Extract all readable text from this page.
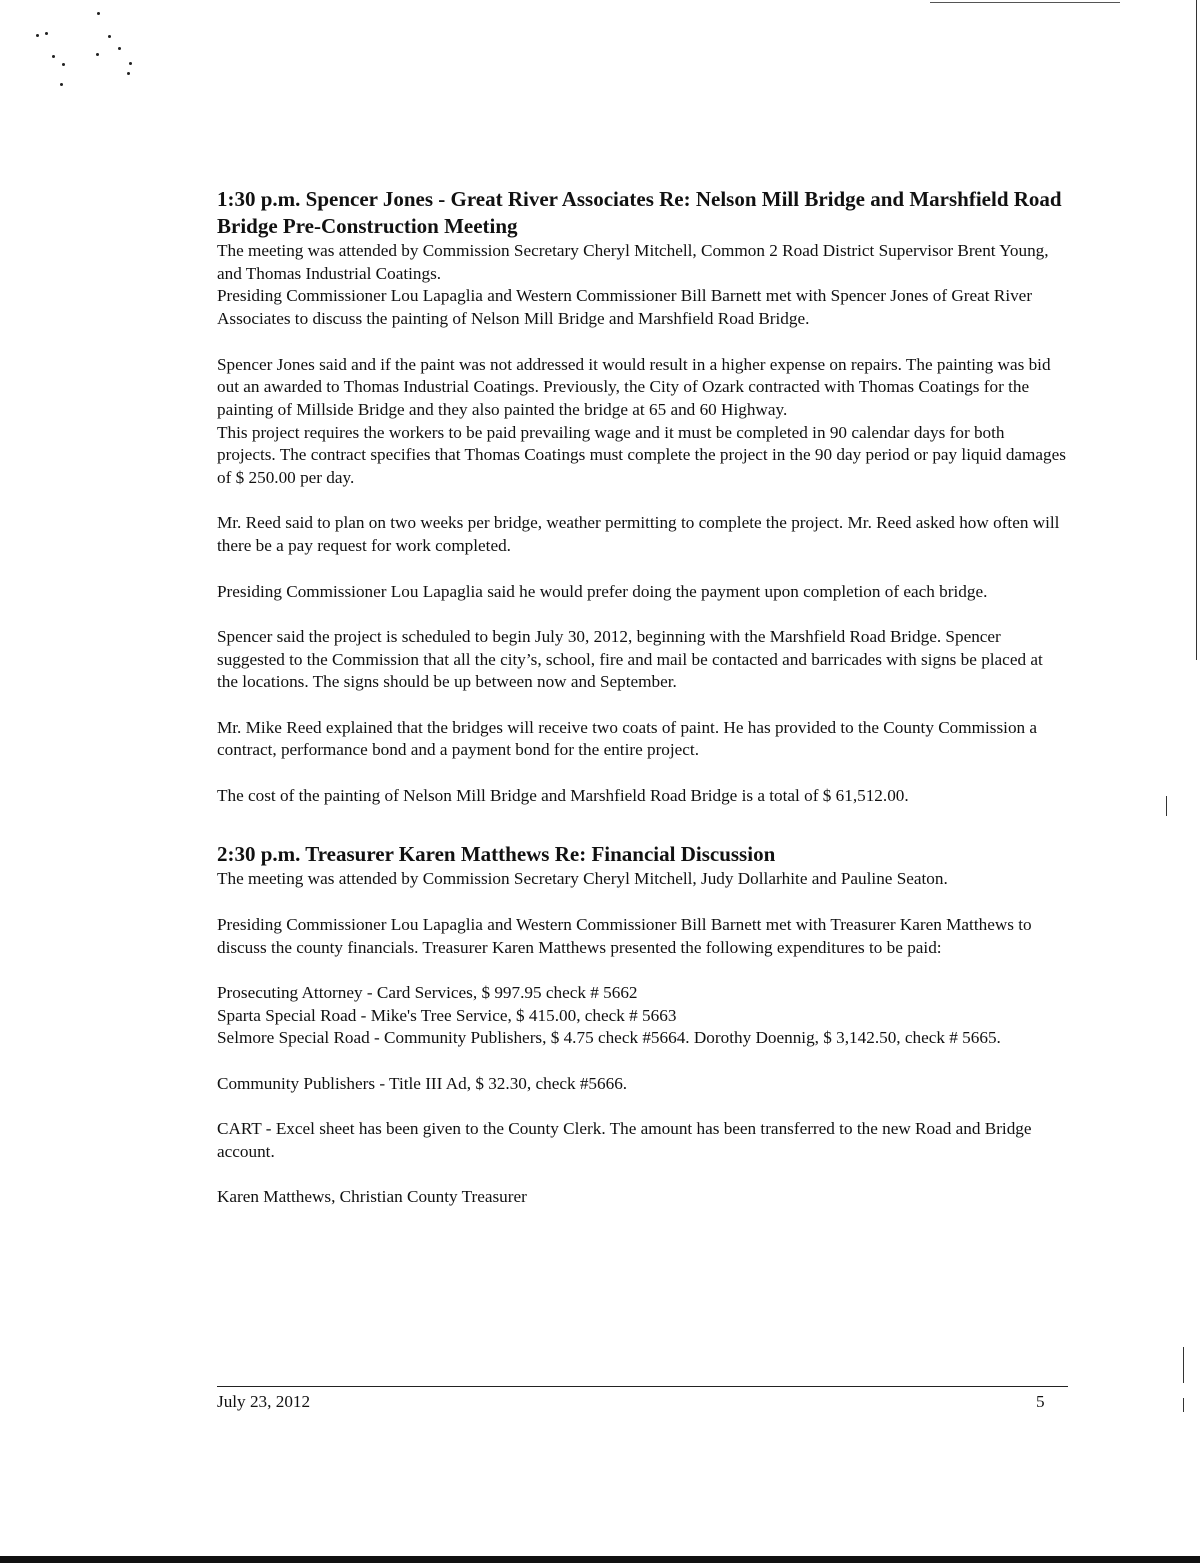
1:30 p.m. Spencer Jones - Great River Associates Re: Nelson Mill Bridge and Marshfield Road Bridge Pre-Construction Meeting

The meeting was attended by Commission Secretary Cheryl Mitchell, Common 2 Road District Supervisor Brent Young, and Thomas Industrial Coatings.

Presiding Commissioner Lou Lapaglia and Western Commissioner Bill Barnett met with Spencer Jones of Great River Associates to discuss the painting of Nelson Mill Bridge and Marshfield Road Bridge.

Spencer Jones said and if the paint was not addressed it would result in a higher expense on repairs. The painting was bid out an awarded to Thomas Industrial Coatings. Previously, the City of Ozark contracted with Thomas Coatings for the painting of Millside Bridge and they also painted the bridge at 65 and 60 Highway.

This project requires the workers to be paid prevailing wage and it must be completed in 90 calendar days for both projects. The contract specifies that Thomas Coatings must complete the project in the 90 day period or pay liquid damages of $ 250.00 per day.

Mr. Reed said to plan on two weeks per bridge, weather permitting to complete the project. Mr. Reed asked how often will there be a pay request for work completed.

Presiding Commissioner Lou Lapaglia said he would prefer doing the payment upon completion of each bridge.

Spencer said the project is scheduled to begin July 30, 2012, beginning with the Marshfield Road Bridge. Spencer suggested to the Commission that all the city’s, school, fire and mail be contacted and barricades with signs be placed at the locations. The signs should be up between now and September.

Mr. Mike Reed explained that the bridges will receive two coats of paint. He has provided to the County Commission a contract, performance bond and a payment bond for the entire project.

The cost of the painting of Nelson Mill Bridge and Marshfield Road Bridge is a total of $ 61,512.00.

2:30 p.m. Treasurer Karen Matthews Re: Financial Discussion

The meeting was attended by Commission Secretary Cheryl Mitchell, Judy Dollarhite and Pauline Seaton.

Presiding Commissioner Lou Lapaglia and Western Commissioner Bill Barnett met with Treasurer Karen Matthews to discuss the county financials. Treasurer Karen Matthews presented the following expenditures to be paid:

Prosecuting Attorney - Card Services, $ 997.95 check # 5662

Sparta Special Road - Mike's Tree Service, $ 415.00, check # 5663

Selmore Special Road - Community Publishers, $ 4.75 check #5664. Dorothy Doennig, $ 3,142.50, check # 5665.

Community Publishers - Title III Ad, $ 32.30, check #5666.

CART - Excel sheet has been given to the County Clerk. The amount has been transferred to the new Road and Bridge account.

Karen Matthews, Christian County Treasurer

July 23, 2012	5
